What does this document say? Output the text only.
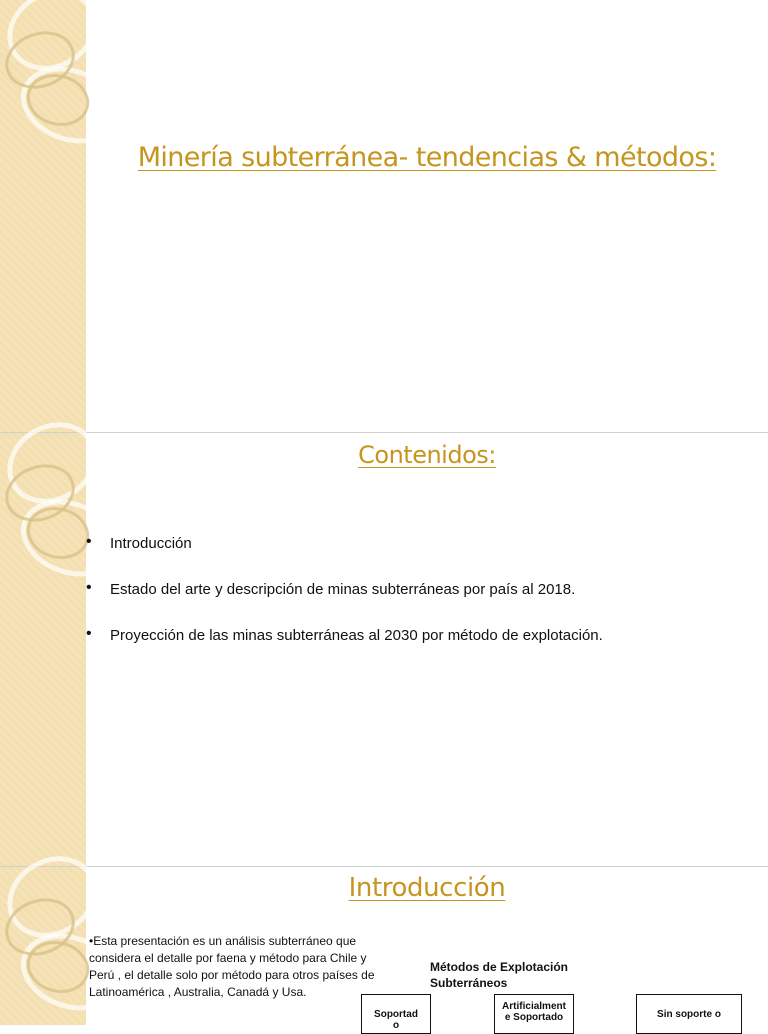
Minería subterránea- tendencias & métodos:
Contenidos:
• Introducción
• Estado del arte y descripción de minas subterráneas por país al 2018.
• Proyección de las minas subterráneas al 2030 por método de explotación.
Introducción

•Esta presentación es un análisis subterráneo que considera el detalle por faena y método para Chile y Perú , el detalle solo por método para otros países de Latinoamérica , Australia, Canadá y Usa.

Métodos de Explotación Subterráneos

Soportad
o
Artificialment
e Soportado	Sin soporte o
